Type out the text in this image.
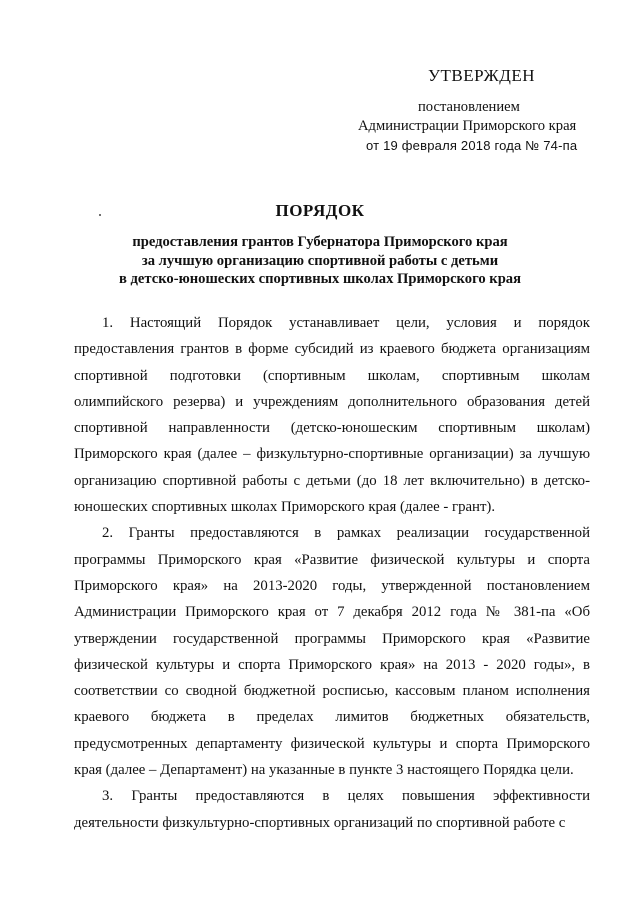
УТВЕРЖДЕН
постановлением
Администрации Приморского края
от 19 февраля 2018 года № 74-па
ПОРЯДОК
предоставления грантов Губернатора Приморского края
за лучшую организацию спортивной работы с детьми
в детско-юношеских спортивных школах Приморского края

1. Настоящий Порядок устанавливает цели, условия и порядок предоставления грантов в форме субсидий из краевого бюджета организациям спортивной подготовки (спортивным школам, спортивным школам олимпийского резерва) и учреждениям дополнительного образования детей спортивной направленности (детско-юношеским спортивным школам) Приморского края (далее – физкультурно-спортивные организации) за лучшую организацию спортивной работы с детьми (до 18 лет включительно) в детско-юношеских спортивных школах Приморского края (далее - грант).

2. Гранты предоставляются в рамках реализации государственной программы Приморского края «Развитие физической культуры и спорта Приморского края» на 2013-2020 годы, утвержденной постановлением Администрации Приморского края от 7 декабря 2012 года № 381-па «Об утверждении государственной программы Приморского края «Развитие физической культуры и спорта Приморского края» на 2013 - 2020 годы», в соответствии со сводной бюджетной росписью, кассовым планом исполнения краевого бюджета в пределах лимитов бюджетных обязательств, предусмотренных департаменту физической культуры и спорта Приморского края (далее – Департамент) на указанные в пункте 3 настоящего Порядка цели.

3. Гранты предоставляются в целях повышения эффективности деятельности физкультурно-спортивных организаций по спортивной работе с
